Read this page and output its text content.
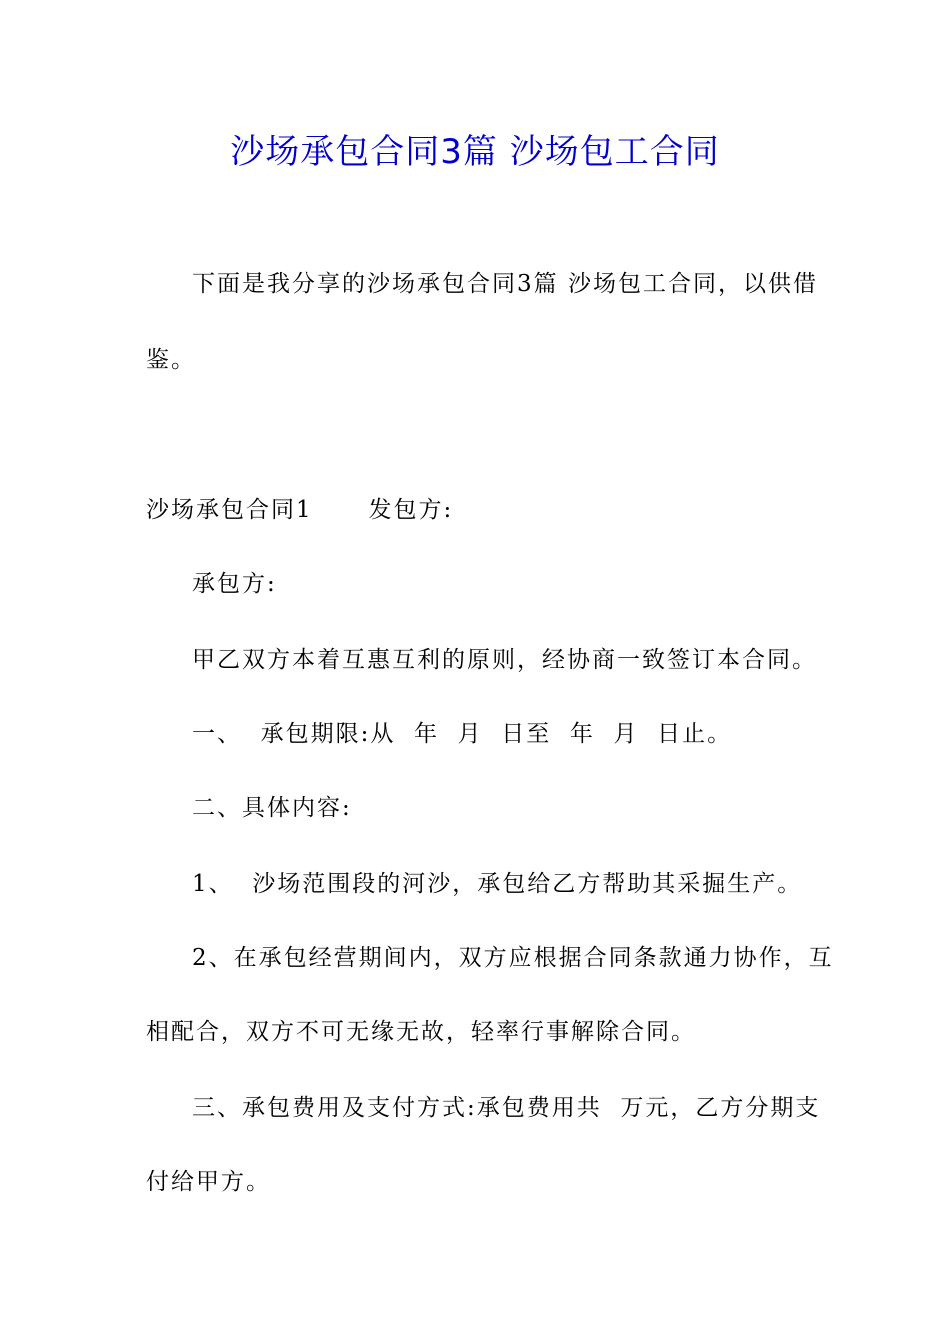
沙场承包合同3篇 沙场包工合同
下面是我分享的沙场承包合同3篇 沙场包工合同，以供借
鉴。
沙场承包合同1      发包方:
承包方:
甲乙双方本着互惠互利的原则，经协商一致签订本合同。
一、  承包期限:从  年  月  日至  年  月  日止。
二、具体内容:
1、  沙场范围段的河沙，承包给乙方帮助其采掘生产。
2、在承包经营期间内，双方应根据合同条款通力协作，互
相配合，双方不可无缘无故，轻率行事解除合同。
三、承包费用及支付方式:承包费用共  万元，乙方分期支
付给甲方。
